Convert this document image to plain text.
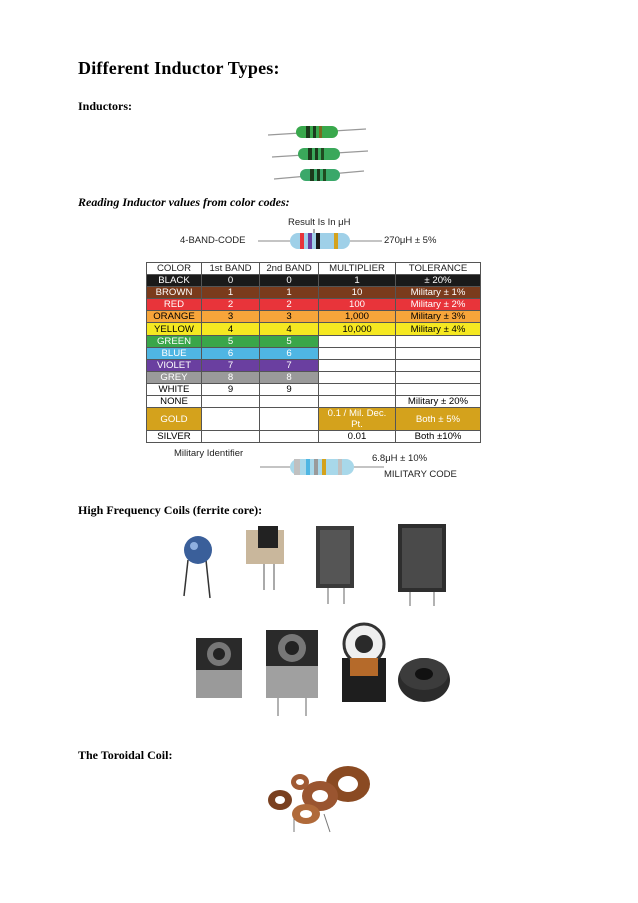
Different Inductor Types:

Inductors:

Reading Inductor values from color codes:

Result Is In μH
4-BAND-CODE	270μH ± 5%
COLOR	1st BAND	2nd BAND	MULTIPLIER	TOLERANCE
BLACK	0	0	1	± 20%
BROWN	1	1	10	Military ± 1%
RED	2	2	100	Military ± 2%
ORANGE	3	3	1,000	Military ± 3%
YELLOW	4	4	10,000	Military ± 4%
GREEN	5	5		
BLUE	6	6		
VIOLET	7	7		
GREY	8	8		
WHITE	9	9		
NONE				Military ± 20%
GOLD			0.1 / Mil. Dec. Pt.	Both ± 5%
SILVER			0.01	Both ±10%
Military Identifier	6.8μH ± 10%
MILITARY CODE

High Frequency Coils (ferrite core):

The Toroidal Coil:
